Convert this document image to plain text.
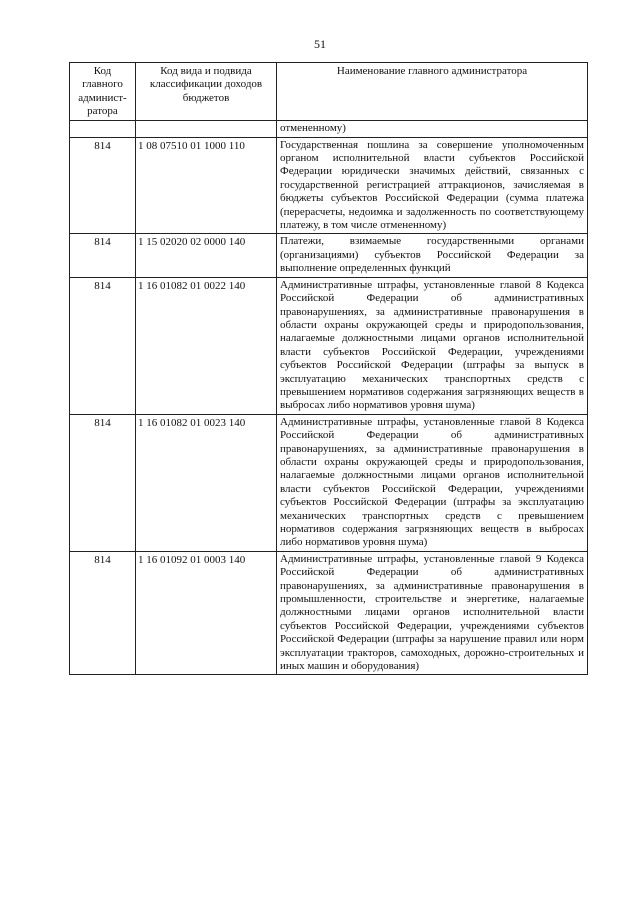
51
Код главного админист-ратора	Код вида и подвида классификации доходов бюджетов	Наименование главного администратора
		отмененному)
814	1 08 07510 01 1000 110	Государственная пошлина за совершение уполномоченным органом исполнительной власти субъектов Российской Федерации юридически значимых действий, связанных с государственной регистрацией аттракционов, зачисляемая в бюджеты субъектов Российской Федерации (сумма платежа (перерасчеты, недоимка и задолженность по соответствующему платежу, в том числе отмененному)
814	1 15 02020 02 0000 140	Платежи, взимаемые государственными органами (организациями) субъектов Российской Федерации за выполнение определенных функций
814	1 16 01082 01 0022 140	Административные штрафы, установленные главой 8 Кодекса Российской Федерации об административных правонарушениях, за административные правонарушения в области охраны окружающей среды и природопользования, налагаемые должностными лицами органов исполнительной власти субъектов Российской Федерации, учреждениями субъектов Российской Федерации (штрафы за выпуск в эксплуатацию механических транспортных средств с превышением нормативов содержания загрязняющих веществ в выбросах либо нормативов уровня шума)
814	1 16 01082 01 0023 140	Административные штрафы, установленные главой 8 Кодекса Российской Федерации об административных правонарушениях, за административные правонарушения в области охраны окружающей среды и природопользования, налагаемые должностными лицами органов исполнительной власти субъектов Российской Федерации, учреждениями субъектов Российской Федерации (штрафы за эксплуатацию механических транспортных средств с превышением нормативов содержания загрязняющих веществ в выбросах либо нормативов уровня шума)
814	1 16 01092 01 0003 140	Административные штрафы, установленные главой 9 Кодекса Российской Федерации об административных правонарушениях, за административные правонарушения в промышленности, строительстве и энергетике, налагаемые должностными лицами органов исполнительной власти субъектов Российской Федерации, учреждениями субъектов Российской Федерации (штрафы за нарушение правил или норм эксплуатации тракторов, самоходных, дорожно-строительных и иных машин и оборудования)
